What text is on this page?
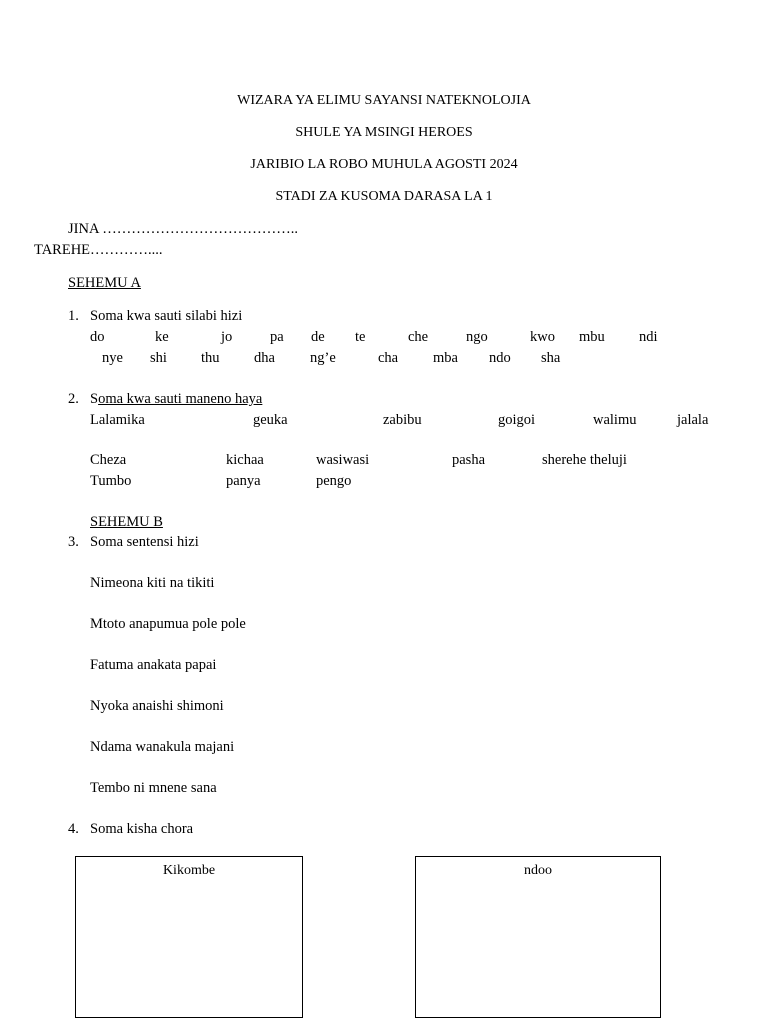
WIZARA YA ELIMU SAYANSI NATEKNOLOJIA
SHULE YA MSINGI HEROES
JARIBIO LA ROBO MUHULA AGOSTI 2024
STADI ZA KUSOMA DARASA LA 1
JINA …………………………………..
TAREHE…………....
SEHEMU A
1. Soma kwa sauti silabi hizi
do	ke	jo	pa de te	che	ngo	kwo mbu ndi
nye shi thu dha ng’e	cha mba ndo sha
2. Soma kwa sauti maneno haya
Lalamika	geuka	zabibu	goigoi	walimu	jalala
Cheza	kichaa	wasiwasi	pasha	sherehe theluji
Tumbo	panya	pengo
SEHEMU B
3. Soma sentensi hizi
Nimeona kiti na tikiti
Mtoto anapumua pole pole
Fatuma anakata papai
Nyoka anaishi shimoni
Ndama wanakula majani
Tembo ni mnene sana
4. Soma kisha chora
Kikombe	ndoo
